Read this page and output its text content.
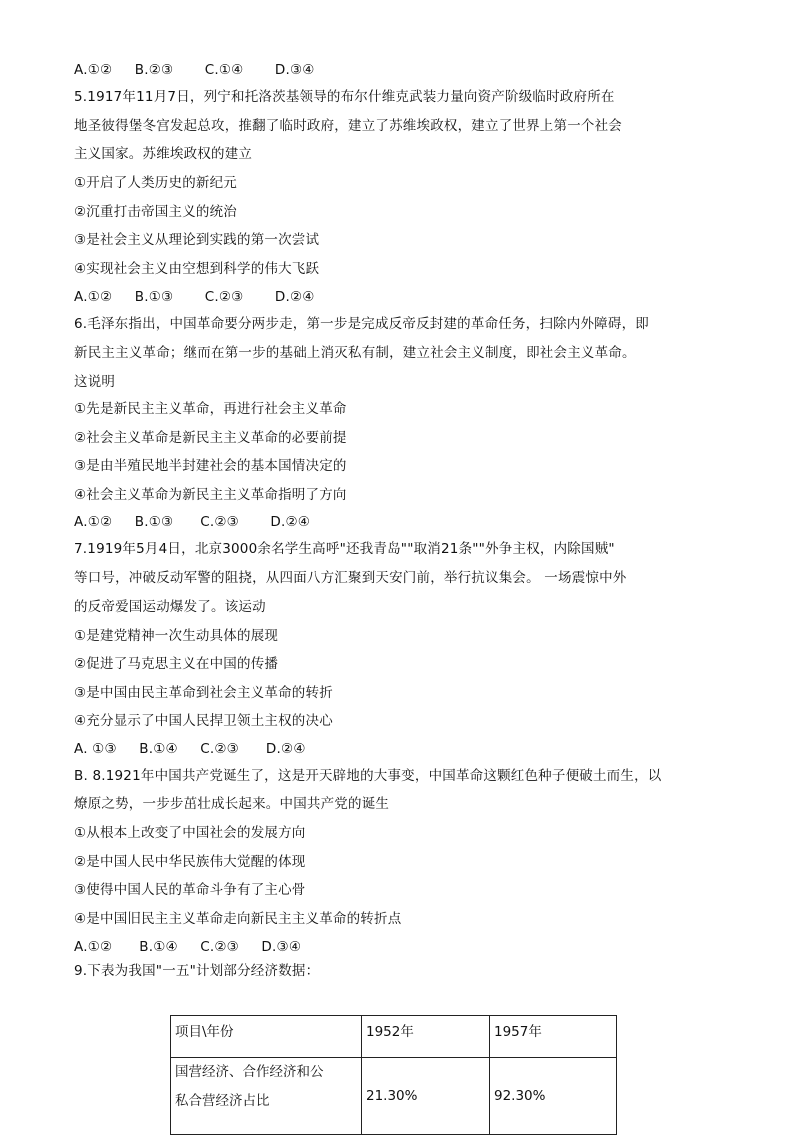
A.①②     B.②③       C.①④       D.③④
5.1917年11月7日，列宁和托洛茨基领导的布尔什维克武装力量向资产阶级临时政府所在
地圣彼得堡冬宫发起总攻，推翻了临时政府，建立了苏维埃政权，建立了世界上第一个社会
主义国家。苏维埃政权的建立
①开启了人类历史的新纪元
②沉重打击帝国主义的统治
③是社会主义从理论到实践的第一次尝试
④实现社会主义由空想到科学的伟大飞跃
A.①②     B.①③       C.②③       D.②④
6.毛泽东指出，中国革命要分两步走，第一步是完成反帝反封建的革命任务，扫除内外障碍，即
新民主主义革命；继而在第一步的基础上消灭私有制，建立社会主义制度，即社会主义革命。
这说明
①先是新民主主义革命，再进行社会主义革命
②社会主义革命是新民主主义革命的必要前提
③是由半殖民地半封建社会的基本国情决定的
④社会主义革命为新民主主义革命指明了方向
A.①②     B.①③      C.②③       D.②④
7.1919年5月4日，北京3000余名学生高呼"还我青岛""取消21条""外争主权，内除国贼"
等口号，冲破反动军警的阻挠，从四面八方汇聚到天安门前，举行抗议集会。 一场震惊中外
的反帝爱国运动爆发了。该运动
①是建党精神一次生动具体的展现
②促进了马克思主义在中国的传播
③是中国由民主革命到社会主义革命的转折
④充分显示了中国人民捍卫领土主权的决心
A. ①③     B.①④     C.②③      D.②④
B. 8.1921年中国共产党诞生了，这是开天辟地的大事变，中国革命这颗红色种子便破土而生，以
燎原之势，一步步茁壮成长起来。中国共产党的诞生
①从根本上改变了中国社会的发展方向
②是中国人民中华民族伟大觉醒的体现
③使得中国人民的革命斗争有了主心骨
④是中国旧民主主义革命走向新民主主义革命的转折点
A.①②      B.①④     C.②③     D.③④
9.下表为我国"一五"计划部分经济数据：
项目\年份	1952年	1957年

国营经济、合作经济和公
私合营经济占比	21.30%	92.30%
